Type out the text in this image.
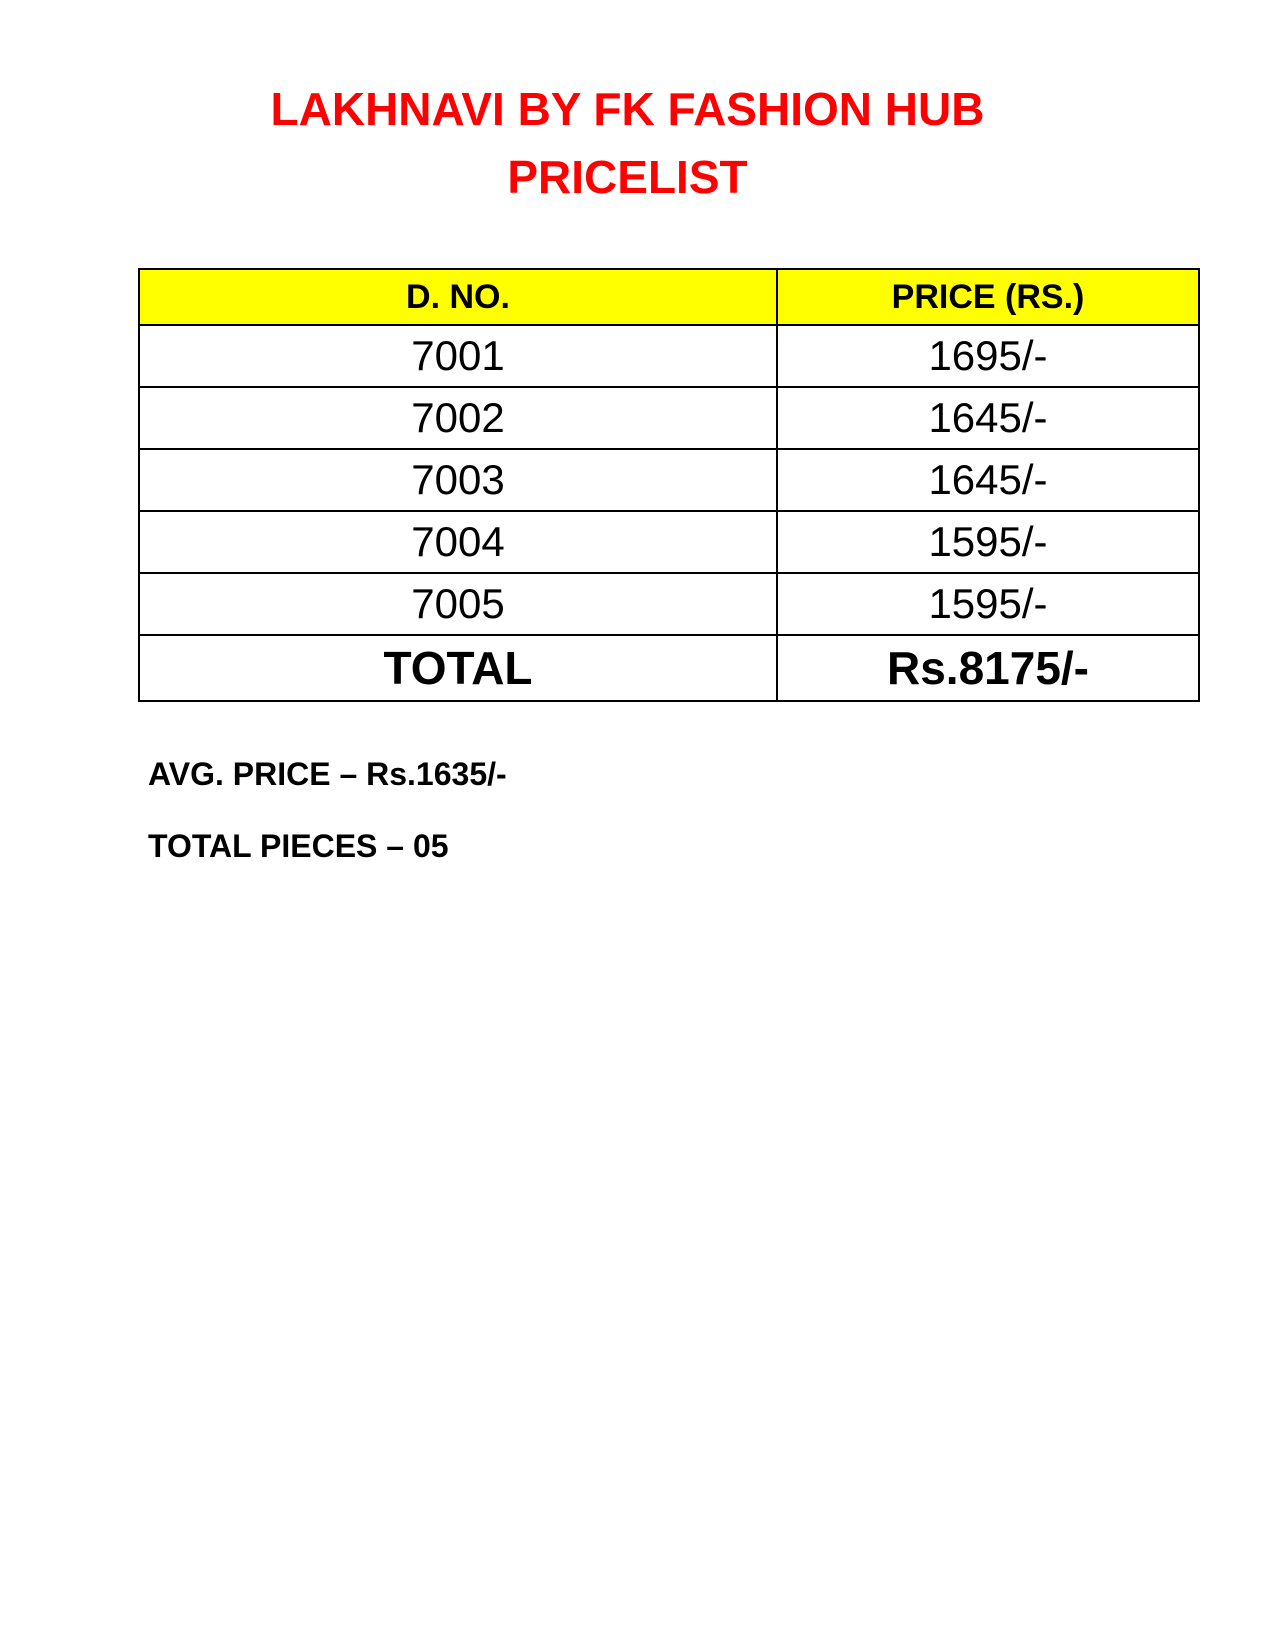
LAKHNAVI BY FK FASHION HUB
PRICELIST
D. NO.	PRICE (RS.)
7001	1695/-
7002	1645/-
7003	1645/-
7004	1595/-
7005	1595/-
TOTAL	Rs.8175/-
AVG. PRICE – Rs.1635/-
TOTAL PIECES – 05
